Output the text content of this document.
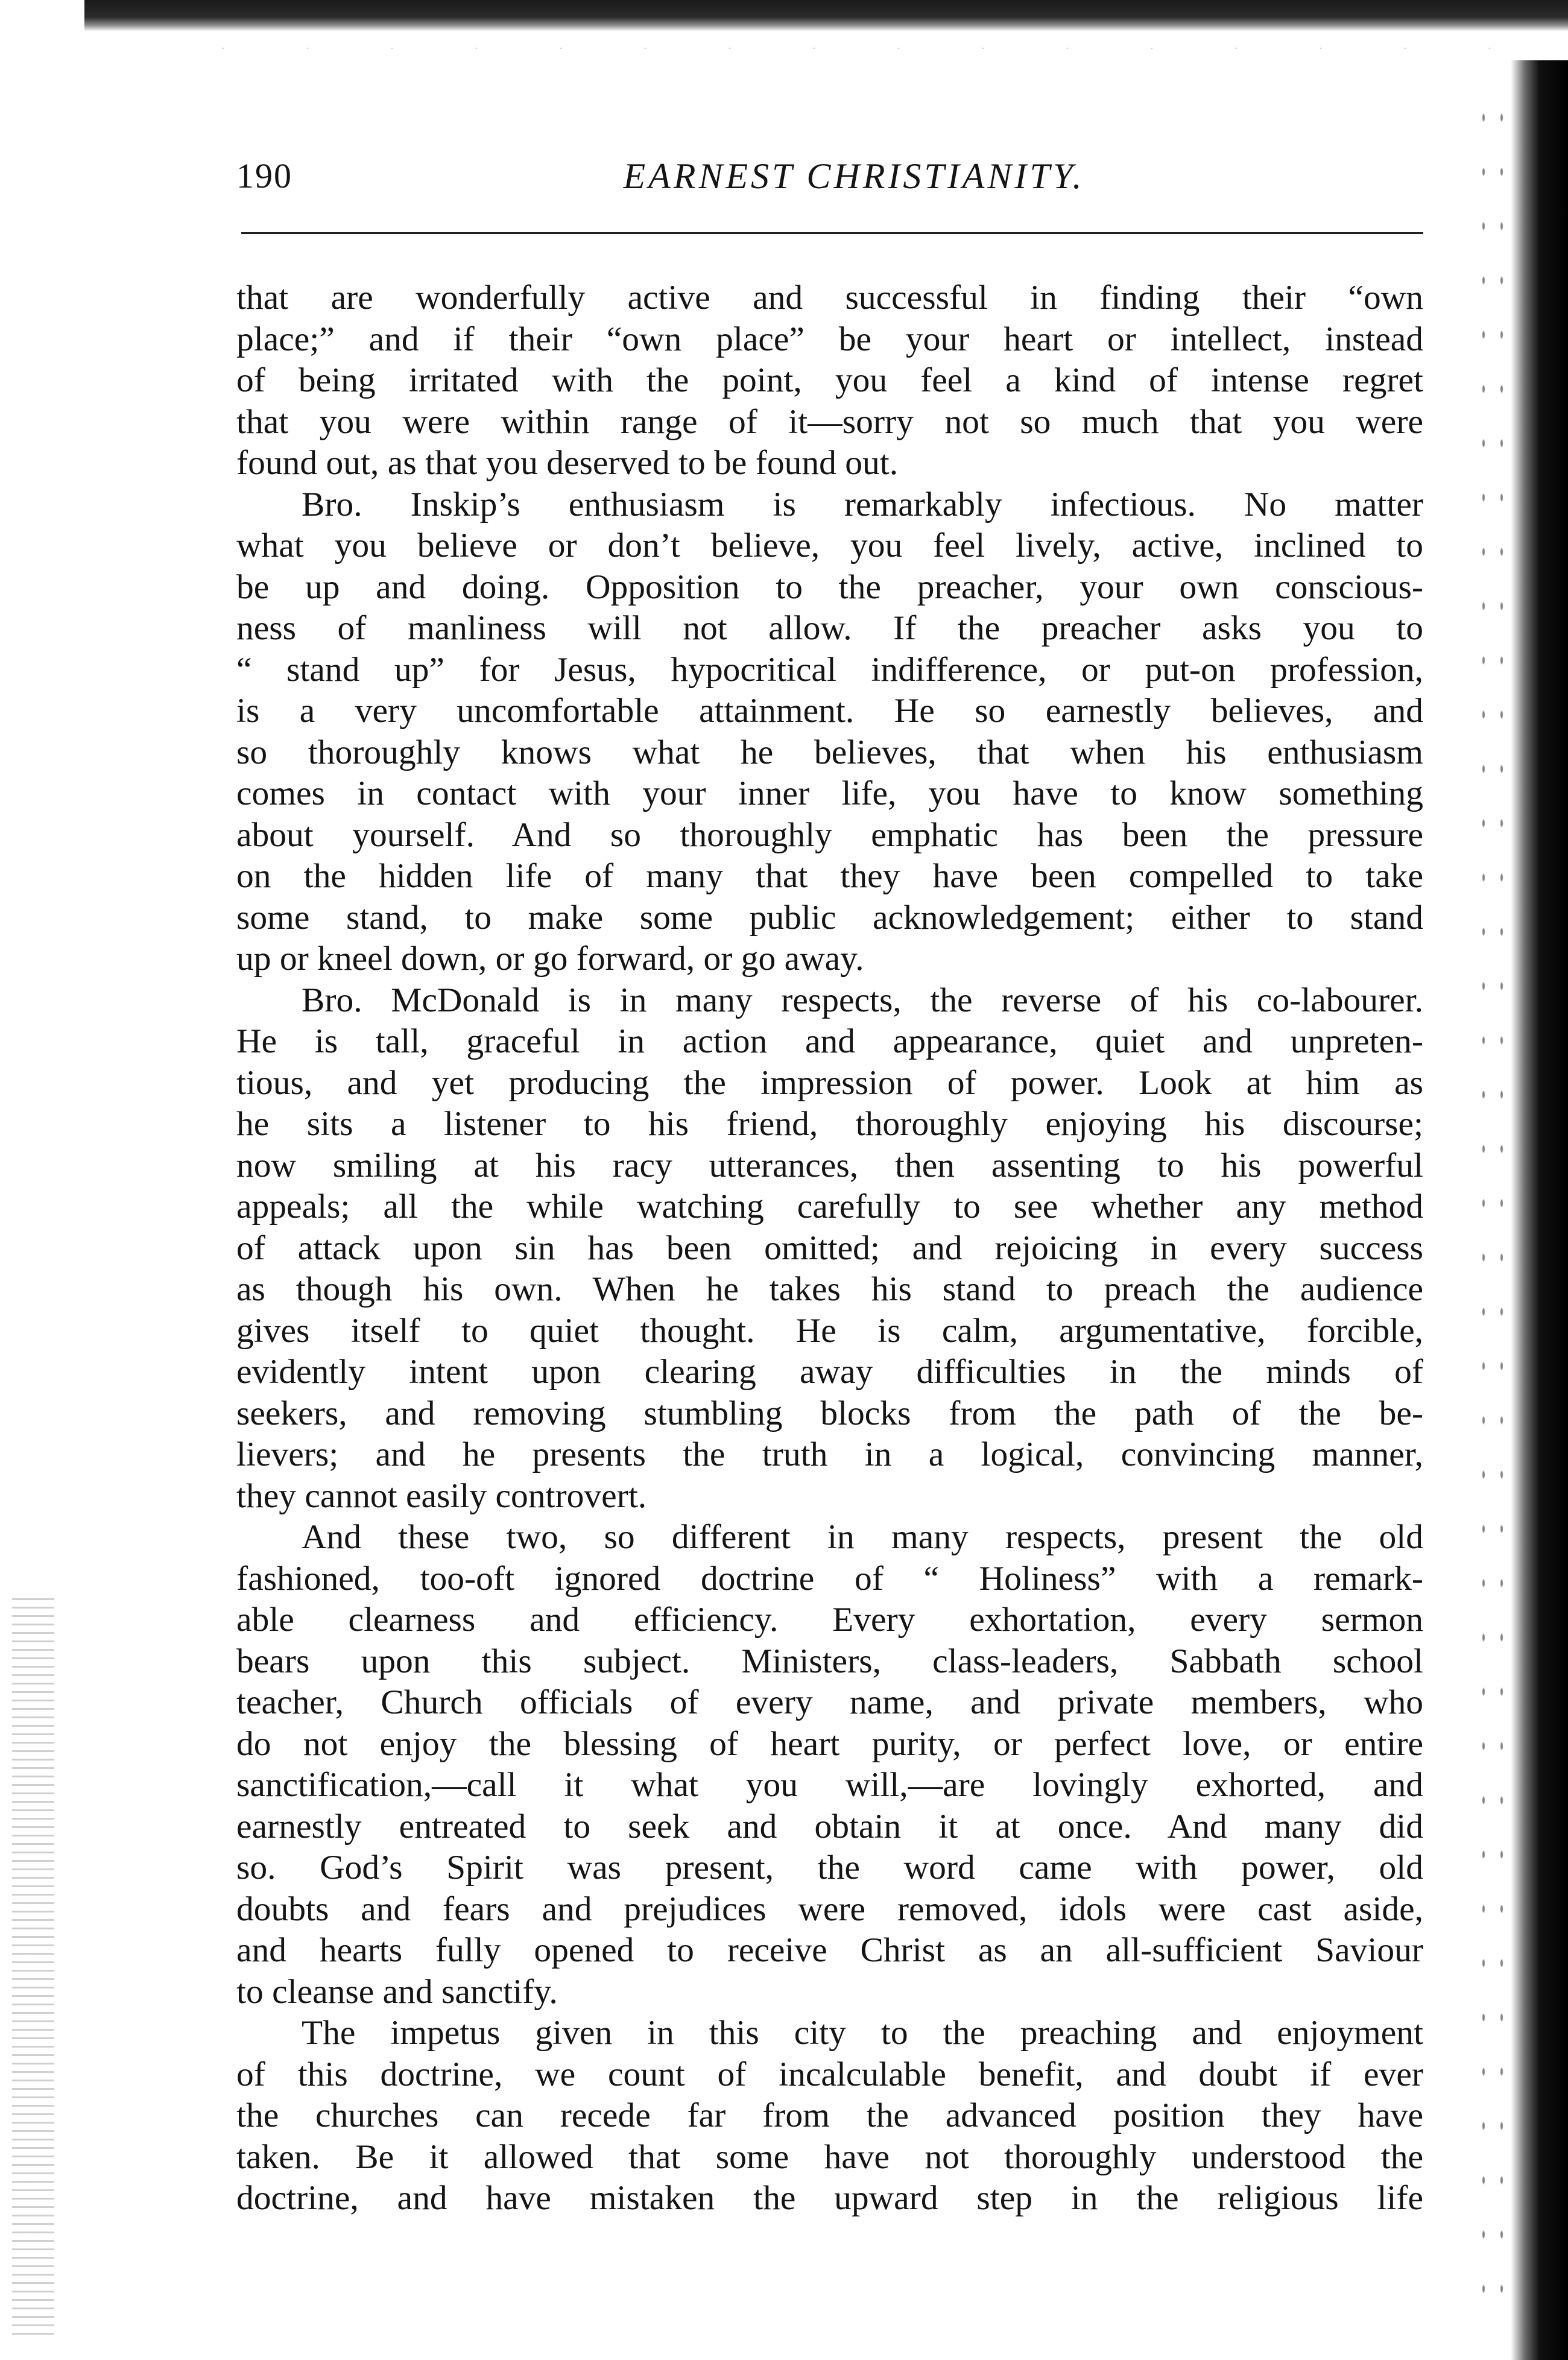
190	EARNEST CHRISTIANITY.
that are wonderfully active and successful in finding their “own
place;” and if their “own place” be your heart or intellect, instead
of being irritated with the point, you feel a kind of intense regret
that you were within range of it—sorry not so much that you were
found out, as that you deserved to be found out.
Bro. Inskip’s enthusiasm is remarkably infectious. No matter
what you believe or don’t believe, you feel lively, active, inclined to
be up and doing. Opposition to the preacher, your own conscious-
ness of manliness will not allow. If the preacher asks you to
“ stand up” for Jesus, hypocritical indifference, or put-on profession,
is a very uncomfortable attainment. He so earnestly believes, and
so thoroughly knows what he believes, that when his enthusiasm
comes in contact with your inner life, you have to know something
about yourself. And so thoroughly emphatic has been the pressure
on the hidden life of many that they have been compelled to take
some stand, to make some public acknowledgement; either to stand
up or kneel down, or go forward, or go away.
Bro. McDonald is in many respects, the reverse of his co-labourer.
He is tall, graceful in action and appearance, quiet and unpreten-
tious, and yet producing the impression of power. Look at him as
he sits a listener to his friend, thoroughly enjoying his discourse;
now smiling at his racy utterances, then assenting to his powerful
appeals; all the while watching carefully to see whether any method
of attack upon sin has been omitted; and rejoicing in every success
as though his own. When he takes his stand to preach the audience
gives itself to quiet thought. He is calm, argumentative, forcible,
evidently intent upon clearing away difficulties in the minds of
seekers, and removing stumbling blocks from the path of the be-
lievers; and he presents the truth in a logical, convincing manner,
they cannot easily controvert.
And these two, so different in many respects, present the old
fashioned, too-oft ignored doctrine of “ Holiness” with a remark-
able clearness and efficiency. Every exhortation, every sermon
bears upon this subject. Ministers, class-leaders, Sabbath school
teacher, Church officials of every name, and private members, who
do not enjoy the blessing of heart purity, or perfect love, or entire
sanctification,—call it what you will,—are lovingly exhorted, and
earnestly entreated to seek and obtain it at once. And many did
so. God’s Spirit was present, the word came with power, old
doubts and fears and prejudices were removed, idols were cast aside,
and hearts fully opened to receive Christ as an all-sufficient Saviour
to cleanse and sanctify.
The impetus given in this city to the preaching and enjoyment
of this doctrine, we count of incalculable benefit, and doubt if ever
the churches can recede far from the advanced position they have
taken. Be it allowed that some have not thoroughly understood the
doctrine, and have mistaken the upward step in the religious life
